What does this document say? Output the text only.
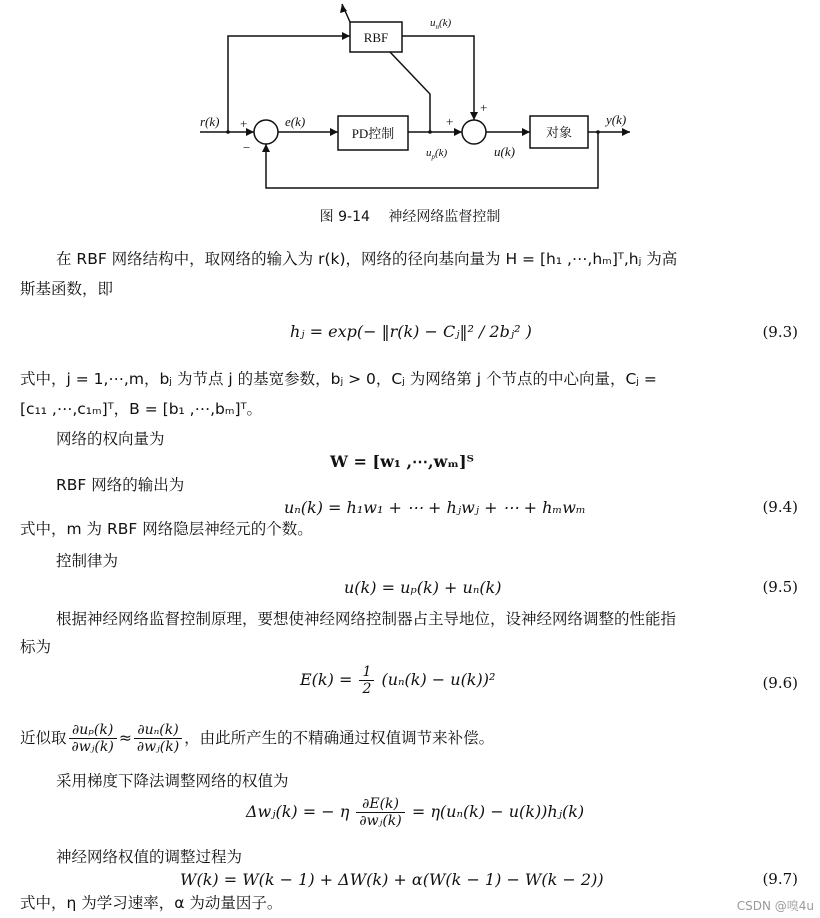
RBF
PD控制	对象
r(k)	e(k)	y(k)
u(k)
$u_n(k)$
$u_p(k)$
+
−
+
+
图 9-14　 神经网络监督控制
在 RBF 网络结构中，取网络的输入为 r(k)，网络的径向基向量为 H = [h₁ ,⋯,hₘ]ᵀ,hⱼ 为高
斯基函数，即
hⱼ = exp(− ‖r(k) − Cⱼ‖² / 2bⱼ² )	(9.3)
式中，j = 1,⋯,m，bⱼ 为节点 j 的基宽参数，bⱼ > 0，Cⱼ 为网络第 j 个节点的中心向量，Cⱼ =
[c₁₁ ,⋯,c₁ₘ]ᵀ，B = [b₁ ,⋯,bₘ]ᵀ。
网络的权向量为
W = [w₁ ,⋯,wₘ]ᵀ
RBF 网络的输出为
uₙ(k) = h₁w₁ + ⋯ + hⱼwⱼ + ⋯ + hₘwₘ	(9.4)
式中，m 为 RBF 网络隐层神经元的个数。
控制律为
u(k) = uₚ(k) + uₙ(k)	(9.5)
根据神经网络监督控制原理，要想使神经网络控制器占主导地位，设神经网络调整的性能指
标为
$E(k) = \frac{1}{2} (u_n(k) - u(k))^2$	(9.6)
近似取 $\frac{\text{∂uₚ(k)}}{\text{∂wⱼ(k)}} \approx \frac{\text{∂uₙ(k)}}{\text{∂wⱼ(k)}}$ ，由此所产生的不精确通过权值调节来补偿。
采用梯度下降法调整网络的权值为
Δwⱼ(k) = − η $\frac{\partial E(k)}{\text{∂wⱼ(k)}} = \eta(u_n(k)$ − u(k))hⱼ(k)
神经网络权值的调整过程为
W(k) = W(k − 1) + ΔW(k) + α(W(k − 1) − W(k − 2))	(9.7)
式中，η 为学习速率，α 为动量因子。	CSDN @嗅4u
